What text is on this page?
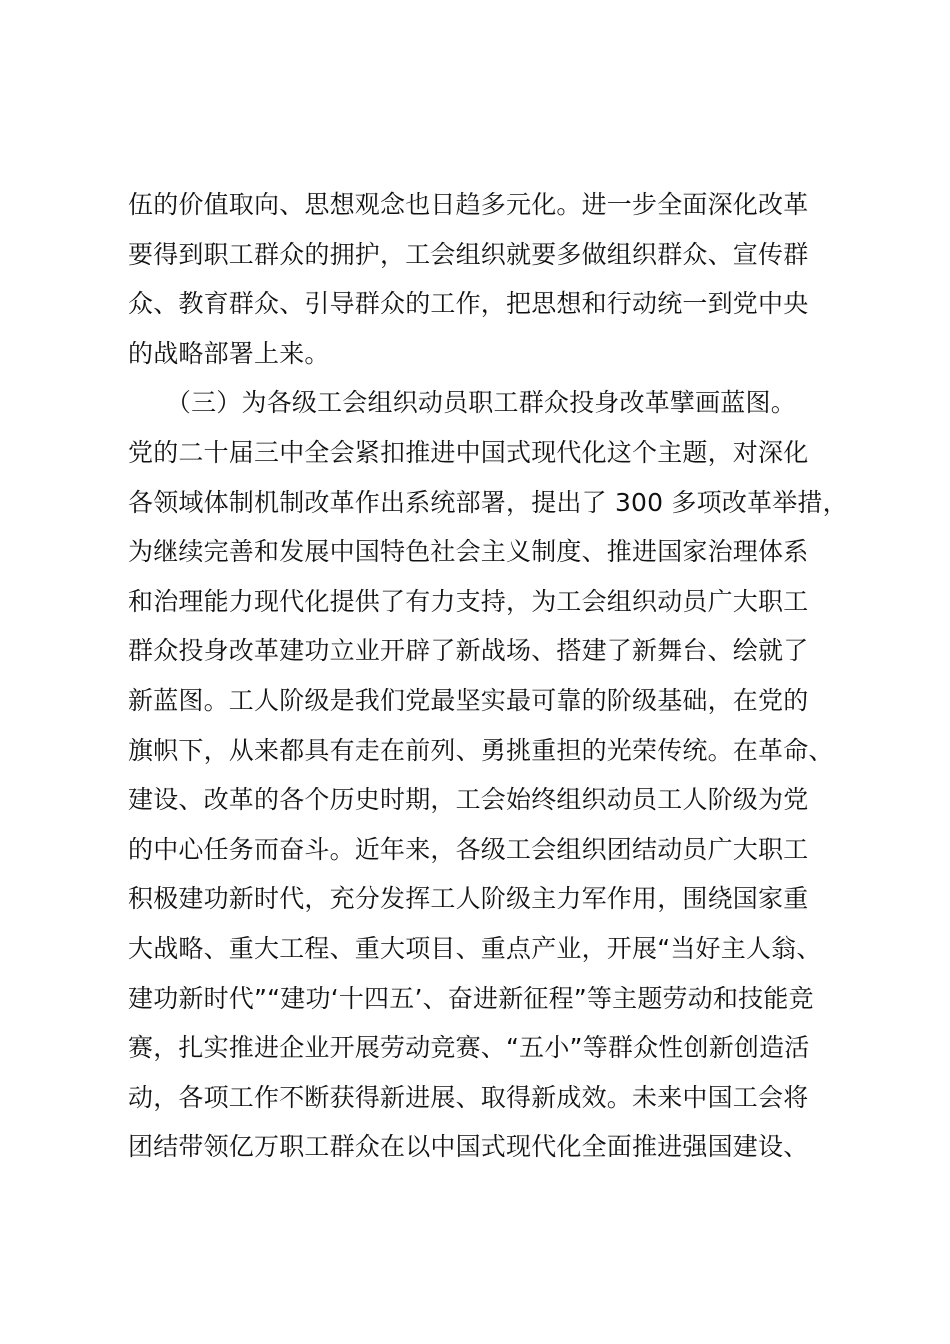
伍的价值取向、思想观念也日趋多元化。进一步全面深化改革
要得到职工群众的拥护，工会组织就要多做组织群众、宣传群
众、教育群众、引导群众的工作，把思想和行动统一到党中央
的战略部署上来。
　　（三）为各级工会组织动员职工群众投身改革擘画蓝图。
党的二十届三中全会紧扣推进中国式现代化这个主题，对深化
各领域体制机制改革作出系统部署，提出了 300 多项改革举措，
为继续完善和发展中国特色社会主义制度、推进国家治理体系
和治理能力现代化提供了有力支持，为工会组织动员广大职工
群众投身改革建功立业开辟了新战场、搭建了新舞台、绘就了
新蓝图。工人阶级是我们党最坚实最可靠的阶级基础，在党的
旗帜下，从来都具有走在前列、勇挑重担的光荣传统。在革命、
建设、改革的各个历史时期，工会始终组织动员工人阶级为党
的中心任务而奋斗。近年来，各级工会组织团结动员广大职工
积极建功新时代，充分发挥工人阶级主力军作用，围绕国家重
大战略、重大工程、重大项目、重点产业，开展“当好主人翁、
建功新时代”“建功‘十四五’、奋进新征程”等主题劳动和技能竞
赛，扎实推进企业开展劳动竞赛、“五小”等群众性创新创造活
动，各项工作不断获得新进展、取得新成效。未来中国工会将
团结带领亿万职工群众在以中国式现代化全面推进强国建设、
